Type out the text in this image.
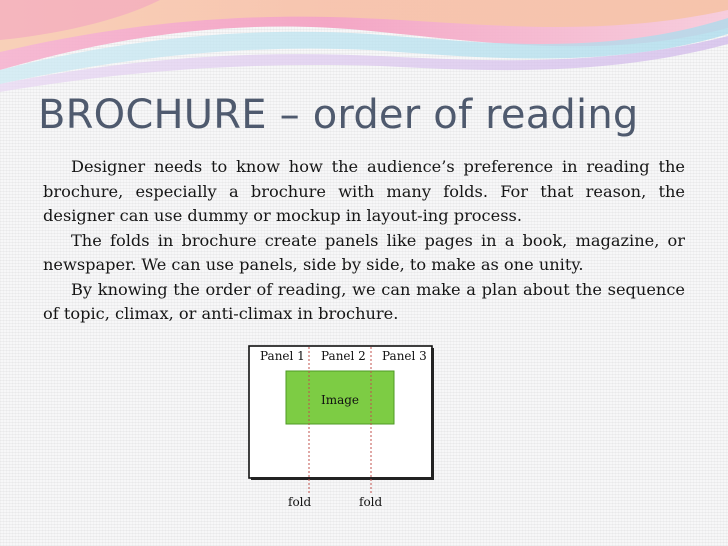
BROCHURE – order of reading

Designer needs to know how the audience’s preference in reading the brochure, especially a brochure with many folds. For that reason, the designer can use dummy or mockup in layout-ing process.

The folds in brochure create panels like pages in a book, magazine, or newspaper. We can use panels, side by side, to make as one unity.

By knowing the order of reading, we can make a plan about the sequence of topic, climax, or anti-climax in brochure.

Panel 1 Panel 2 Panel 3
Image
fold	fold
